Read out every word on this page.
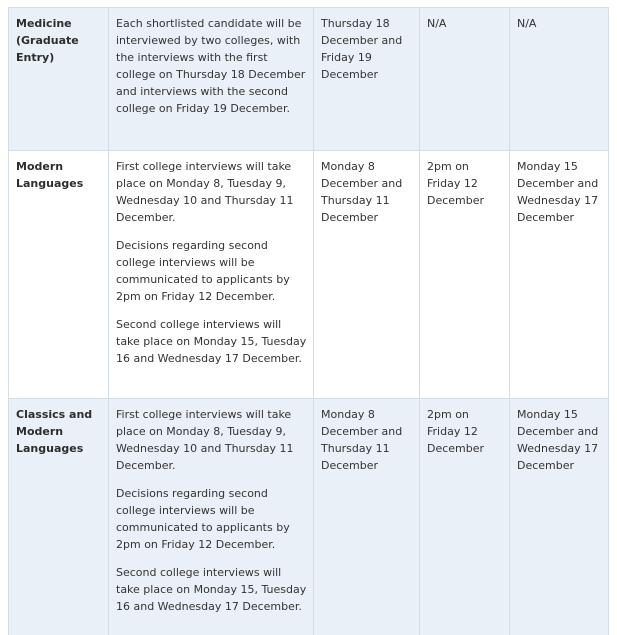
Medicine (Graduate Entry)	Each shortlisted candidate will be interviewed by two colleges, with the interviews with the first college on Thursday 18 December and interviews with the second college on Friday 19 December.	Thursday 18 December and Friday 19 December	N/A	N/A
Modern Languages	First college interviews will take place on Monday 8, Tuesday 9, Wednesday 10 and Thursday 11 December.
Decisions regarding second college interviews will be communicated to applicants by 2pm on Friday 12 December.
Second college interviews will take place on Monday 15, Tuesday 16 and Wednesday 17 December.	Monday 8 December and Thursday 11 December	2pm on Friday 12 December	Monday 15 December and Wednesday 17 December
Classics and Modern Languages	First college interviews will take place on Monday 8, Tuesday 9, Wednesday 10 and Thursday 11 December.
Decisions regarding second college interviews will be communicated to applicants by 2pm on Friday 12 December.
Second college interviews will take place on Monday 15, Tuesday 16 and Wednesday 17 December.	Monday 8 December and Thursday 11 December	2pm on Friday 12 December	Monday 15 December and Wednesday 17 December
